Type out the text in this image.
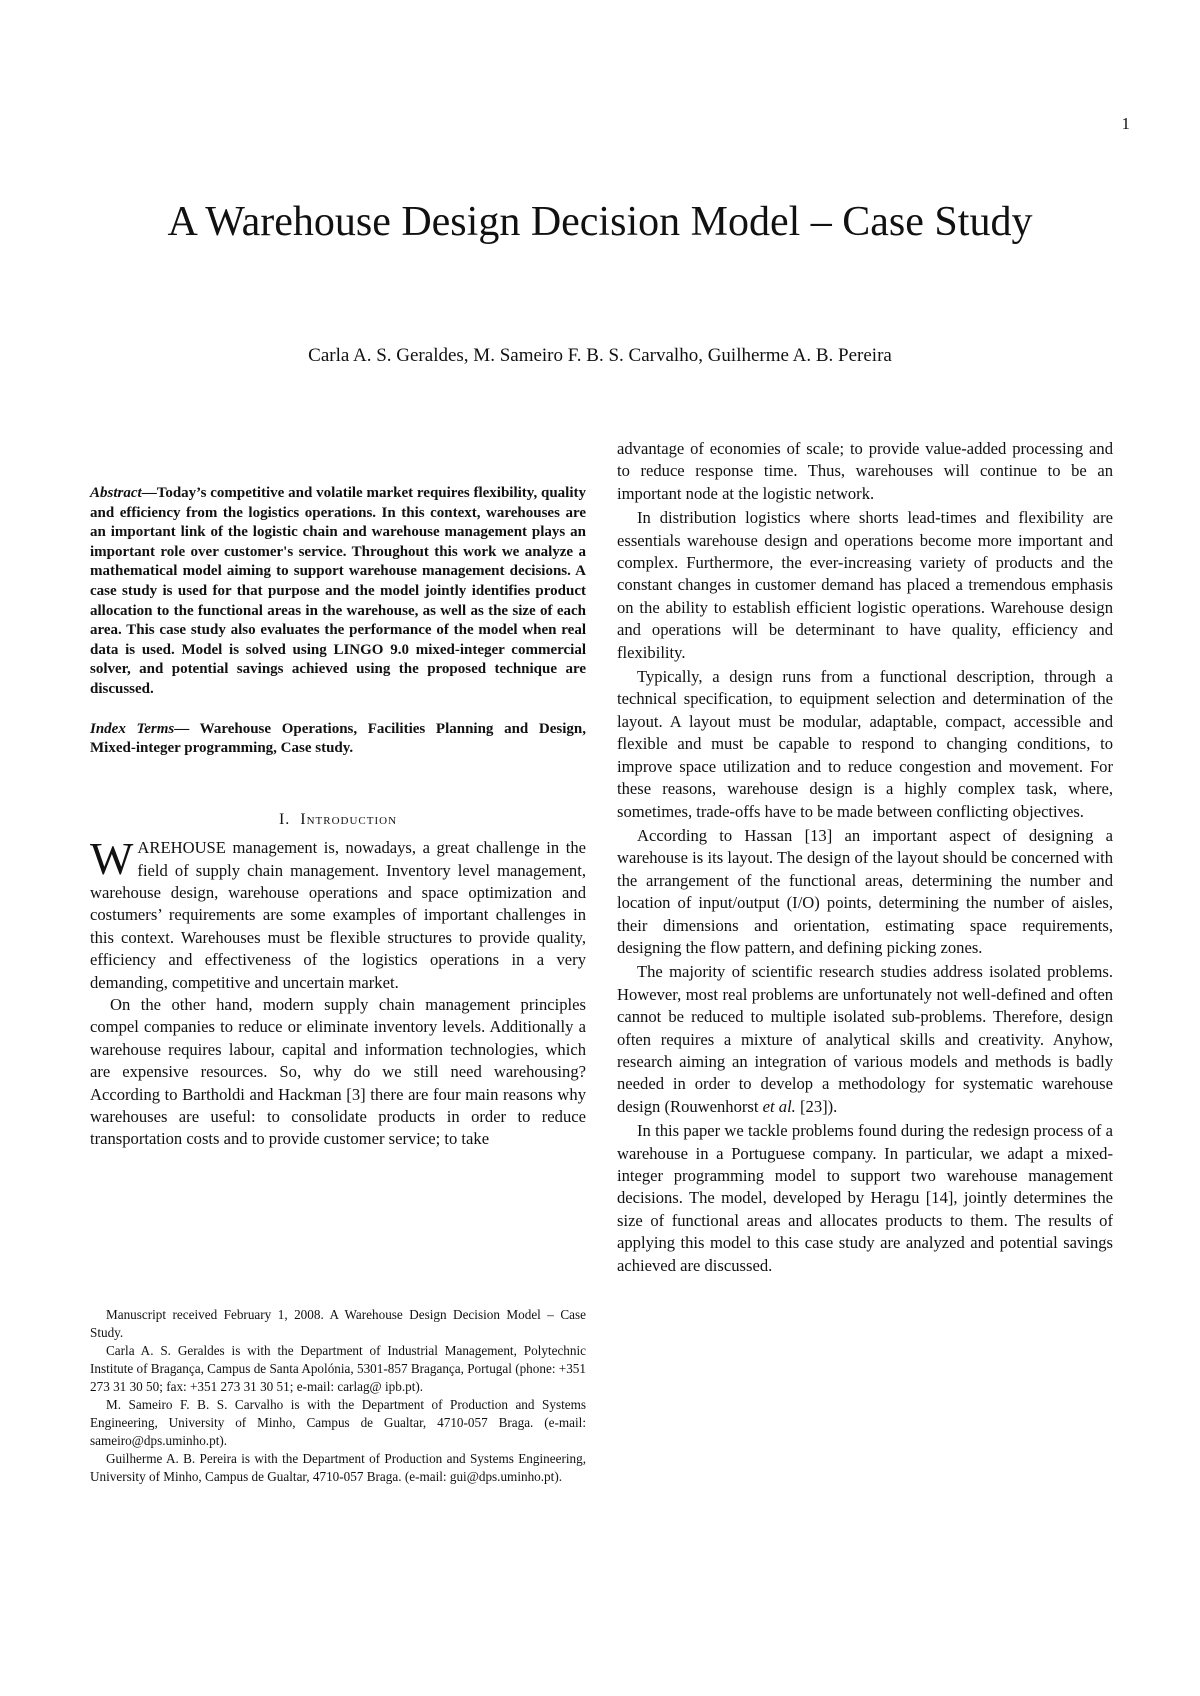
1
A Warehouse Design Decision Model – Case Study
Carla A. S. Geraldes, M. Sameiro F. B. S. Carvalho, Guilherme A. B. Pereira

Abstract—Today’s competitive and volatile market requires flexibility, quality and efficiency from the logistics operations. In this context, warehouses are an important link of the logistic chain and warehouse management plays an important role over customer's service. Throughout this work we analyze a mathematical model aiming to support warehouse management decisions. A case study is used for that purpose and the model jointly identifies product allocation to the functional areas in the warehouse, as well as the size of each area. This case study also evaluates the performance of the model when real data is used. Model is solved using LINGO 9.0 mixed-integer commercial solver, and potential savings achieved using the proposed technique are discussed.

Index Terms— Warehouse Operations, Facilities Planning and Design, Mixed-integer programming, Case study.

I. Introduction

WAREHOUSE management is, nowadays, a great challenge in the field of supply chain management. Inventory level management, warehouse design, warehouse operations and space optimization and costumers’ requirements are some examples of important challenges in this context. Warehouses must be flexible structures to provide quality, efficiency and effectiveness of the logistics operations in a very demanding, competitive and uncertain market.

On the other hand, modern supply chain management principles compel companies to reduce or eliminate inventory levels. Additionally a warehouse requires labour, capital and information technologies, which are expensive resources. So, why do we still need warehousing? According to Bartholdi and Hackman [3] there are four main reasons why warehouses are useful: to consolidate products in order to reduce transportation costs and to provide customer service; to take

Manuscript received February 1, 2008. A Warehouse Design Decision Model – Case Study.

Carla A. S. Geraldes is with the Department of Industrial Management, Polytechnic Institute of Bragança, Campus de Santa Apolónia, 5301-857 Bragança, Portugal (phone: +351 273 31 30 50; fax: +351 273 31 30 51; e-mail: carlag@ ipb.pt).

M. Sameiro F. B. S. Carvalho is with the Department of Production and Systems Engineering, University of Minho, Campus de Gualtar, 4710-057 Braga. (e-mail: sameiro@dps.uminho.pt).

Guilherme A. B. Pereira is with the Department of Production and Systems Engineering, University of Minho, Campus de Gualtar, 4710-057 Braga. (e-mail: gui@dps.uminho.pt).

advantage of economies of scale; to provide value-added processing and to reduce response time. Thus, warehouses will continue to be an important node at the logistic network.

In distribution logistics where shorts lead-times and flexibility are essentials warehouse design and operations become more important and complex. Furthermore, the ever-increasing variety of products and the constant changes in customer demand has placed a tremendous emphasis on the ability to establish efficient logistic operations. Warehouse design and operations will be determinant to have quality, efficiency and flexibility.

Typically, a design runs from a functional description, through a technical specification, to equipment selection and determination of the layout. A layout must be modular, adaptable, compact, accessible and flexible and must be capable to respond to changing conditions, to improve space utilization and to reduce congestion and movement. For these reasons, warehouse design is a highly complex task, where, sometimes, trade-offs have to be made between conflicting objectives.

According to Hassan [13] an important aspect of designing a warehouse is its layout. The design of the layout should be concerned with the arrangement of the functional areas, determining the number and location of input/output (I/O) points, determining the number of aisles, their dimensions and orientation, estimating space requirements, designing the flow pattern, and defining picking zones.

The majority of scientific research studies address isolated problems. However, most real problems are unfortunately not well-defined and often cannot be reduced to multiple isolated sub-problems. Therefore, design often requires a mixture of analytical skills and creativity. Anyhow, research aiming an integration of various models and methods is badly needed in order to develop a methodology for systematic warehouse design (Rouwenhorst et al. [23]).

In this paper we tackle problems found during the redesign process of a warehouse in a Portuguese company. In particular, we adapt a mixed-integer programming model to support two warehouse management decisions. The model, developed by Heragu [14], jointly determines the size of functional areas and allocates products to them. The results of applying this model to this case study are analyzed and potential savings achieved are discussed.
